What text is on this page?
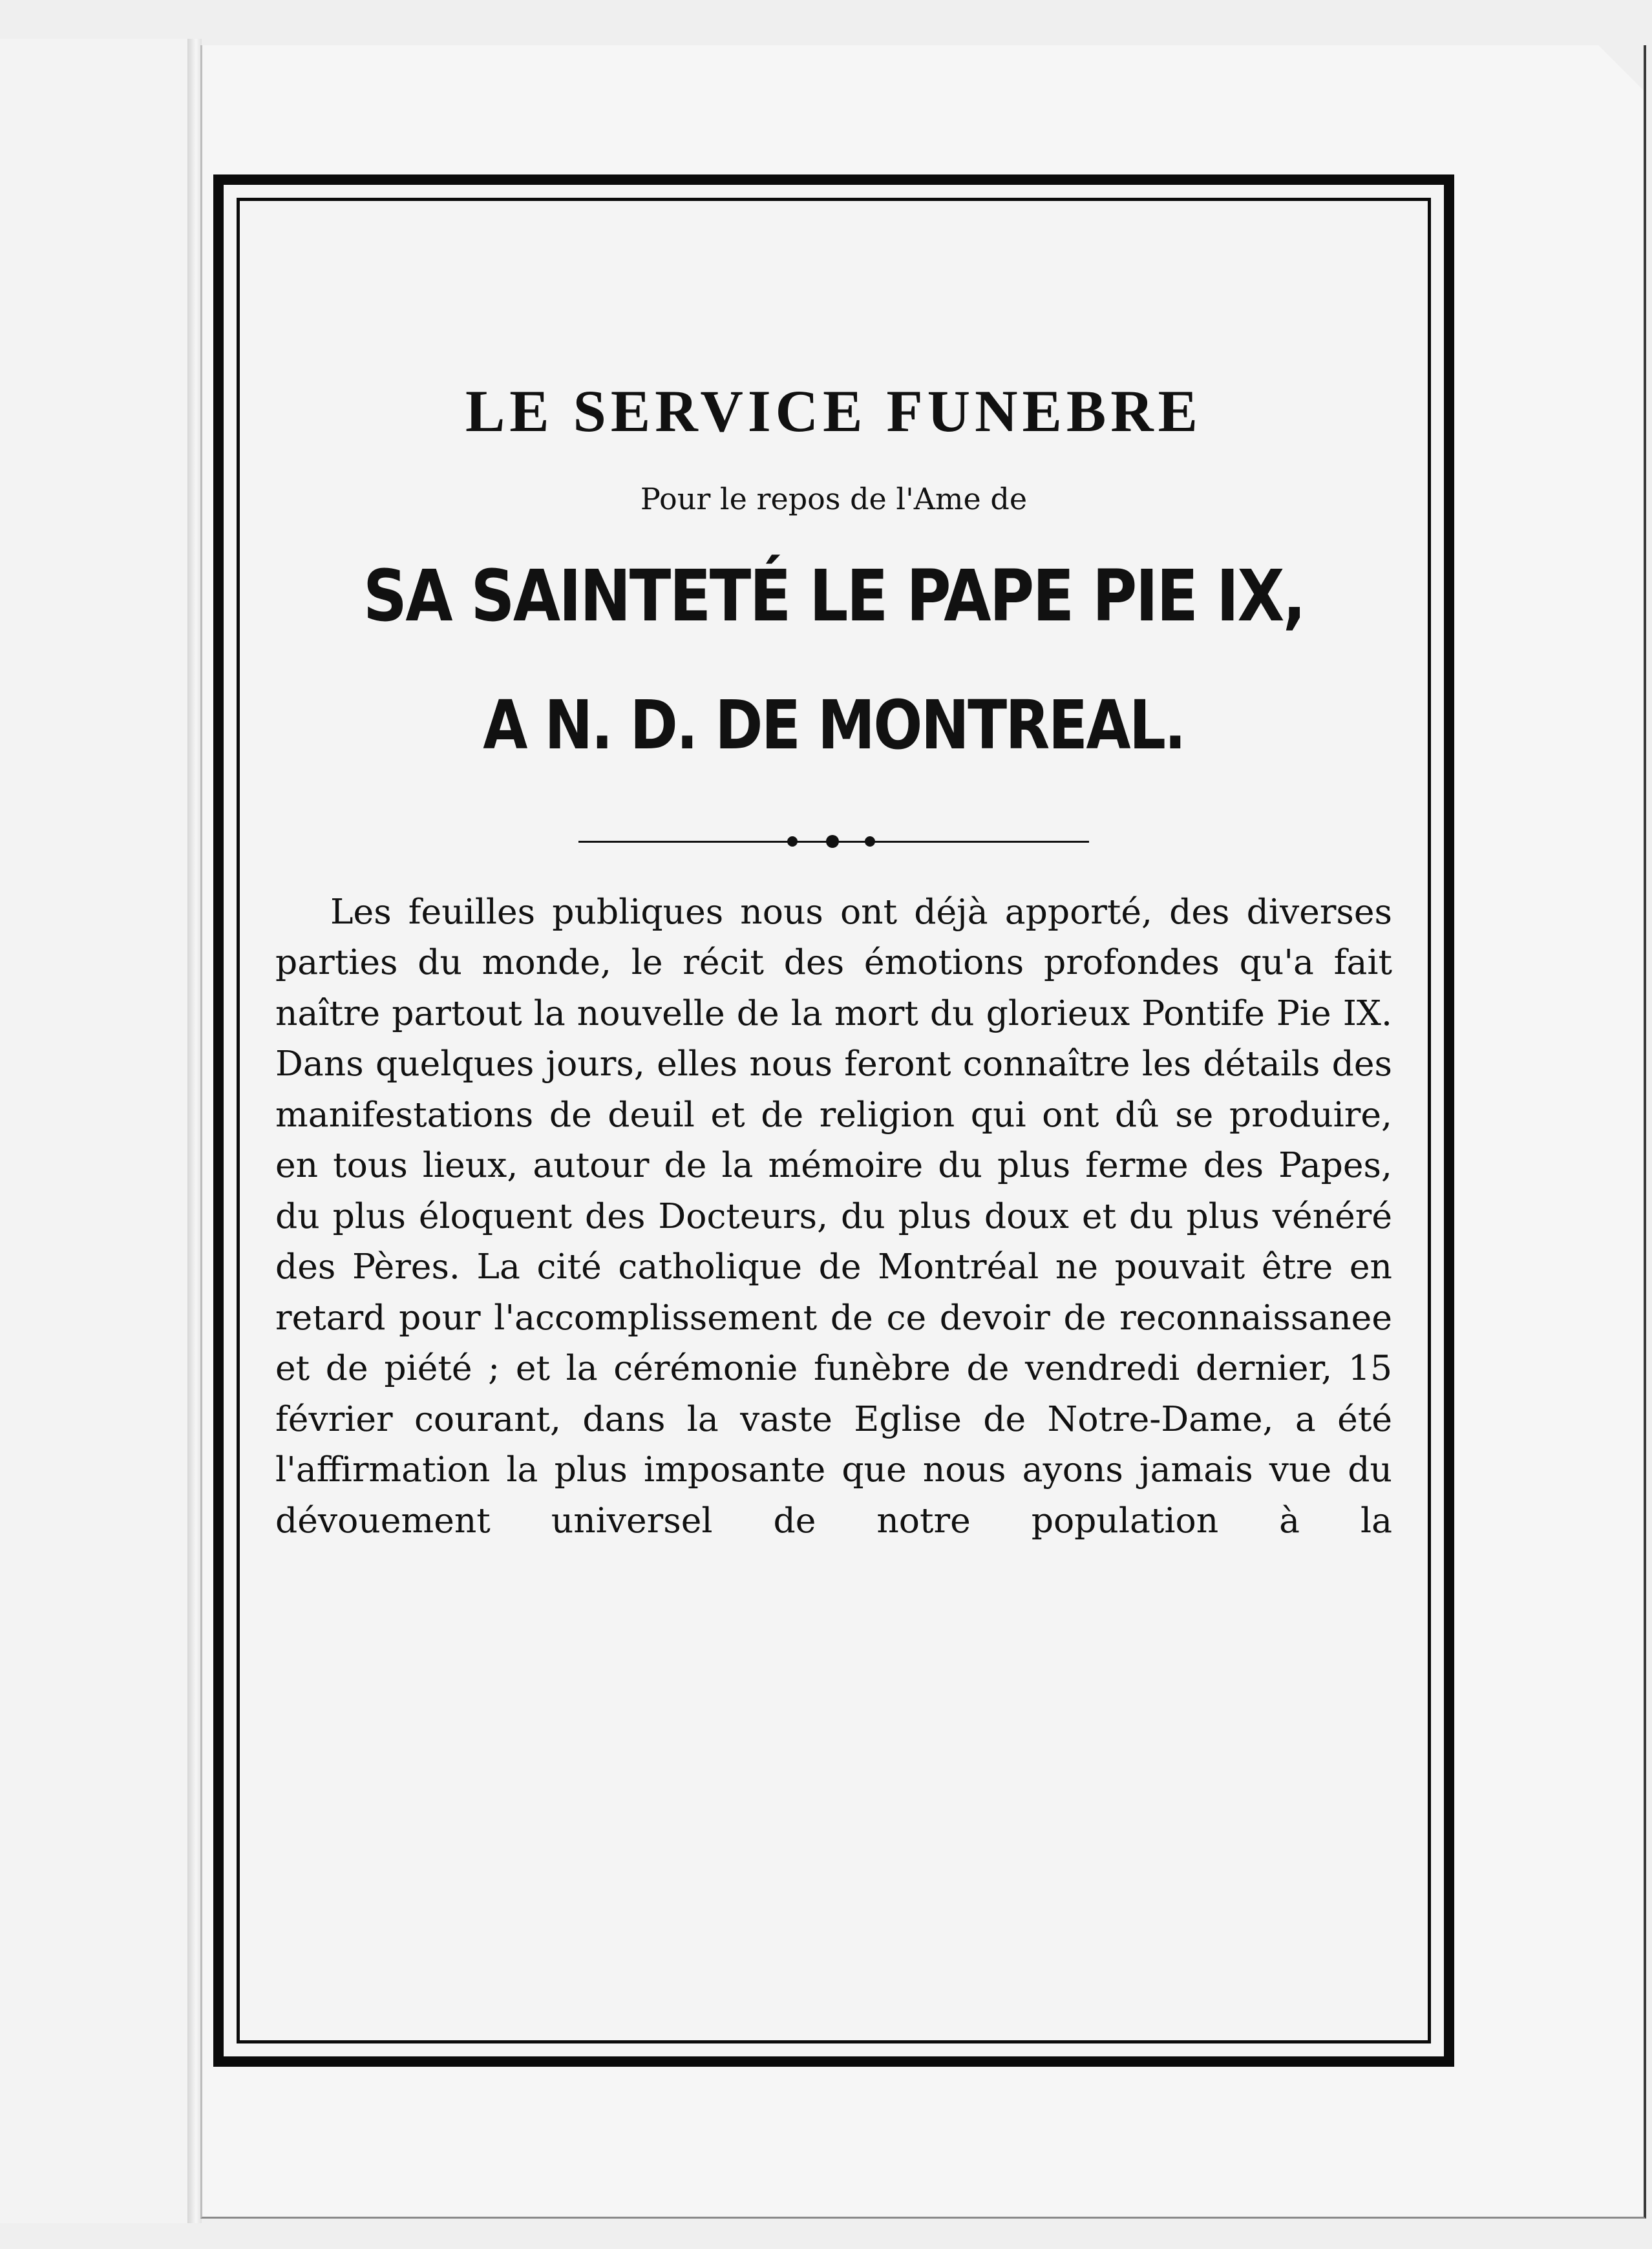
LE SERVICE FUNEBRE
Pour le repos de l'Ame de
SA SAINTETÉ LE PAPE PIE IX,
A N. D. DE MONTREAL.

Les feuilles publiques nous ont déjà apporté, des diverses parties du monde, le récit des émotions profondes qu'a fait naître partout la nouvelle de la mort du glorieux Pontife Pie IX. Dans quelques jours, elles nous feront connaître les détails des manifestations de deuil et de religion qui ont dû se produire, en tous lieux, autour de la mémoire du plus ferme des Papes, du plus éloquent des Docteurs, du plus doux et du plus vénéré des Pères. La cité catholique de Montréal ne pouvait être en retard pour l'accomplissement de ce devoir de reconnaissanee et de piété ; et la cérémonie funèbre de vendredi dernier, 15 février courant, dans la vaste Eglise de Notre-Dame, a été l'affirmation la plus imposante que nous ayons jamais vue du dévouement universel de notre population à la
